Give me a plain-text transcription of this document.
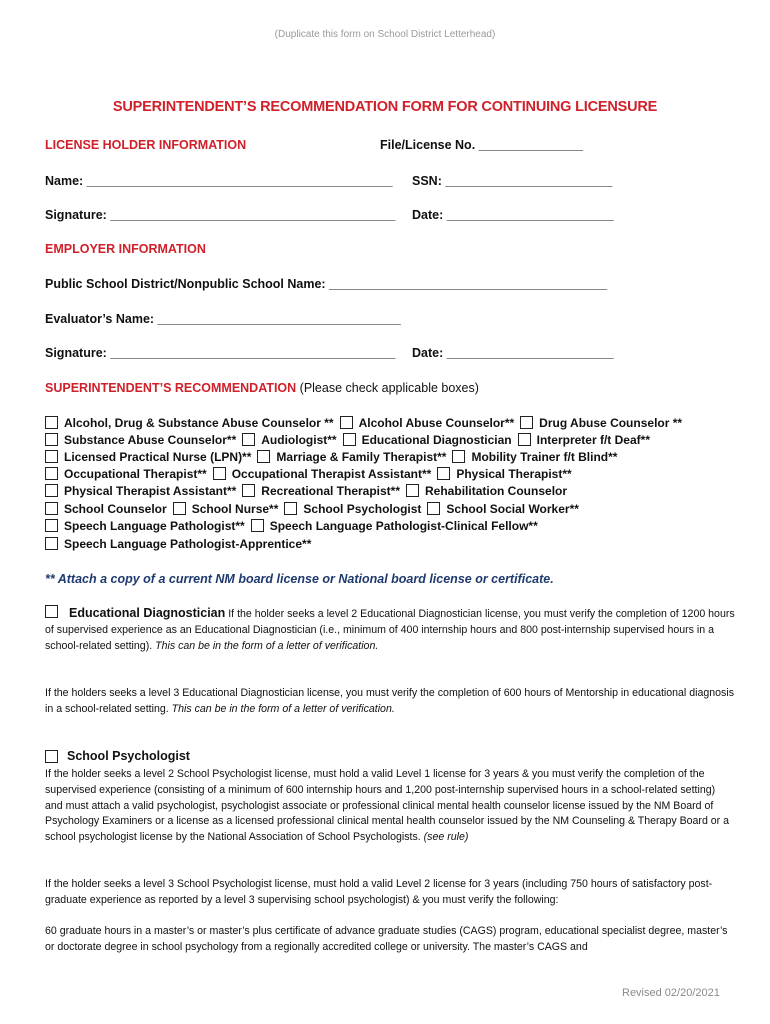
(Duplicate this form on School District Letterhead)
SUPERINTENDENT’S RECOMMENDATION FORM FOR CONTINUING LICENSURE
LICENSE HOLDER INFORMATION	File/License No. _______________
Name: ____________________________________________ SSN: ________________________
Signature: _________________________________________ Date: ________________________
EMPLOYER INFORMATION
Public School District/Nonpublic School Name: ________________________________________
Evaluator’s Name: ___________________________________
Signature: _________________________________________ Date: ________________________
SUPERINTENDENT’S RECOMMENDATION (Please check applicable boxes)
Alcohol, Drug & Substance Abuse Counselor ** Alcohol Abuse Counselor** Drug Abuse Counselor **
Substance Abuse Counselor** Audiologist** Educational Diagnostician Interpreter f/t Deaf**
Licensed Practical Nurse (LPN)** Marriage & Family Therapist** Mobility Trainer f/t Blind**
Occupational Therapist** Occupational Therapist Assistant** Physical Therapist**
Physical Therapist Assistant** Recreational Therapist** Rehabilitation Counselor
School Counselor School Nurse** School Psychologist School Social Worker**
Speech Language Pathologist** Speech Language Pathologist-Clinical Fellow**
Speech Language Pathologist-Apprentice**
** Attach a copy of a current NM board license or National board license or certificate.
Educational Diagnostician If the holder seeks a level 2 Educational Diagnostician license, you must verify the completion of 1200 hours of supervised experience as an Educational Diagnostician (i.e., minimum of 400 internship hours and 800 post-internship supervised hours in a school-related setting). This can be in the form of a letter of verification.
If the holders seeks a level 3 Educational Diagnostician license, you must verify the completion of 600 hours of Mentorship in educational diagnosis in a school-related setting. This can be in the form of a letter of verification.
School Psychologist
If the holder seeks a level 2 School Psychologist license, must hold a valid Level 1 license for 3 years & you must verify the completion of the supervised experience (consisting of a minimum of 600 internship hours and 1,200 post-internship supervised hours in a school-related setting) and must attach a valid psychologist, psychologist associate or professional clinical mental health counselor license issued by the NM Board of Psychology Examiners or a license as a licensed professional clinical mental health counselor issued by the NM Counseling & Therapy Board or a school psychologist license by the National Association of School Psychologists. (see rule)
If the holder seeks a level 3 School Psychologist license, must hold a valid Level 2 license for 3 years (including 750 hours of satisfactory post-graduate experience as reported by a level 3 supervising school psychologist) & you must verify the following:
60 graduate hours in a master’s or master’s plus certificate of advance graduate studies (CAGS) program, educational specialist degree, master’s or doctorate degree in school psychology from a regionally accredited college or university. The master’s CAGS and
Revised 02/20/2021
